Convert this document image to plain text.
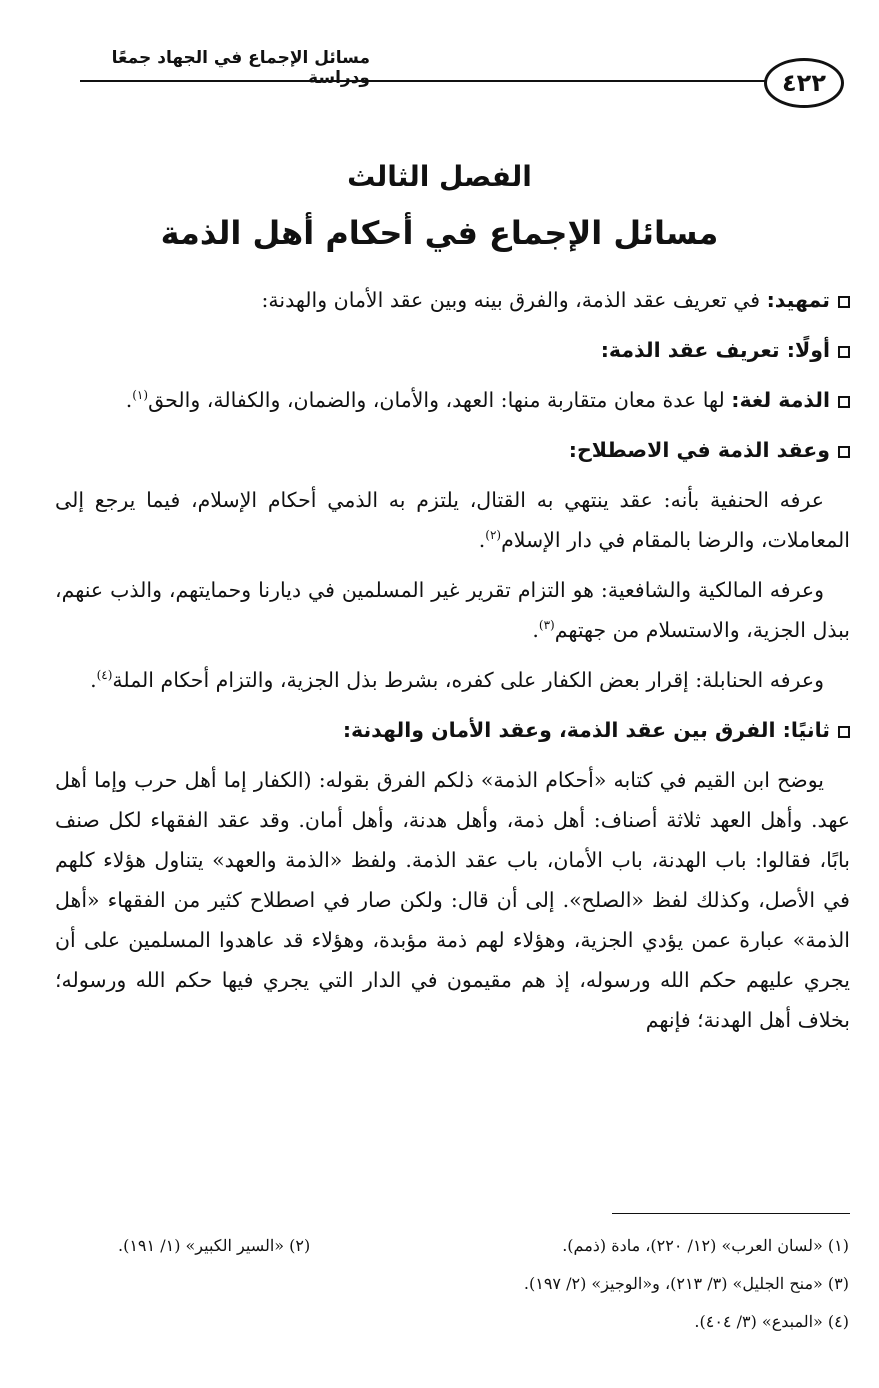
مسائل الإجماع في الجهاد جمعًا ودراسة	٤٢٢
الفصل الثالث
مسائل الإجماع في أحكام أهل الذمة

تمهيد: في تعريف عقد الذمة، والفرق بينه وبين عقد الأمان والهدنة:

أولًا: تعريف عقد الذمة:

الذمة لغة: لها عدة معان متقاربة منها: العهد، والأمان، والضمان، والكفالة، والحق$^{(١)}$.

وعقد الذمة في الاصطلاح:

عرفه الحنفية بأنه: عقد ينتهي به القتال، يلتزم به الذمي أحكام الإسلام، فيما يرجع إلى المعاملات، والرضا بالمقام في دار الإسلام$^{(٢)}$.

وعرفه المالكية والشافعية: هو التزام تقرير غير المسلمين في ديارنا وحمايتهم، والذب عنهم، ببذل الجزية، والاستسلام من جهتهم$^{(٣)}$.

وعرفه الحنابلة: إقرار بعض الكفار على كفره، بشرط بذل الجزية، والتزام أحكام الملة$^{(٤)}$.

ثانيًا: الفرق بين عقد الذمة، وعقد الأمان والهدنة:

يوضح ابن القيم في كتابه «أحكام الذمة» ذلكم الفرق بقوله: (الكفار إما أهل حرب وإما أهل عهد. وأهل العهد ثلاثة أصناف: أهل ذمة، وأهل هدنة، وأهل أمان. وقد عقد الفقهاء لكل صنف بابًا، فقالوا: باب الهدنة، باب الأمان، باب عقد الذمة. ولفظ «الذمة والعهد» يتناول هؤلاء كلهم في الأصل، وكذلك لفظ «الصلح». إلى أن قال: ولكن صار في اصطلاح كثير من الفقهاء «أهل الذمة» عبارة عمن يؤدي الجزية، وهؤلاء لهم ذمة مؤبدة، وهؤلاء قد عاهدوا المسلمين على أن يجري عليهم حكم الله ورسوله، إذ هم مقيمون في الدار التي يجري فيها حكم الله ورسوله؛ بخلاف أهل الهدنة؛ فإنهم

(١) «لسان العرب» (١٢/ ٢٢٠)، مادة (ذمم).
(٢) «السير الكبير» (١/ ١٩١).
(٣) «منح الجليل» (٣/ ٢١٣)، و«الوجيز» (٢/ ١٩٧).
(٤) «المبدع» (٣/ ٤٠٤).
